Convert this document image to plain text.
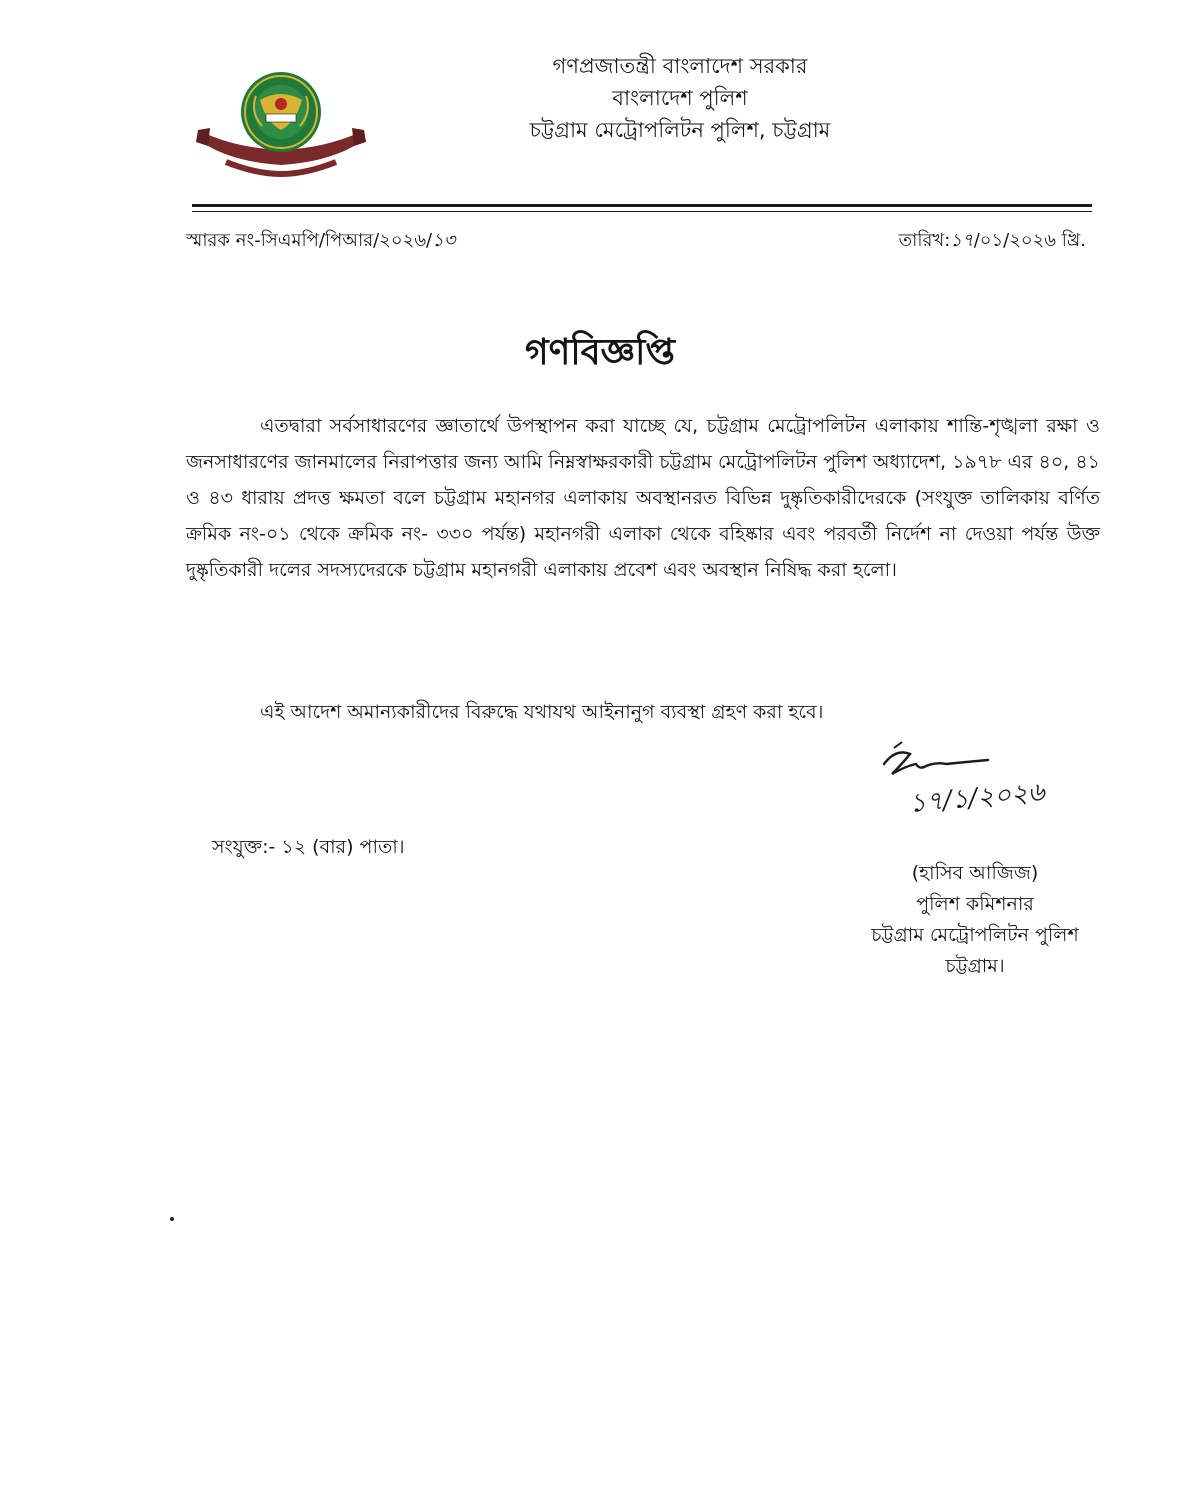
গণপ্রজাতন্ত্রী বাংলাদেশ সরকার

বাংলাদেশ পুলিশ

চট্টগ্রাম মেট্রোপলিটন পুলিশ, চট্টগ্রাম

স্মারক নং-সিএমপি/পিআর/২০২৬/১৩	তারিখ:১৭/০১/২০২৬ খ্রি.
গণবিজ্ঞপ্তি

এতদ্বারা সর্বসাধারণের জ্ঞাতার্থে উপস্থাপন করা যাচ্ছে যে, চট্টগ্রাম মেট্রোপলিটন এলাকায় শান্তি-শৃঙ্খলা রক্ষা ও জনসাধারণের জানমালের নিরাপত্তার জন্য আমি নিম্নস্বাক্ষরকারী চট্টগ্রাম মেট্রোপলিটন পুলিশ অধ্যাদেশ, ১৯৭৮ এর ৪০, ৪১ ও ৪৩ ধারায় প্রদত্ত ক্ষমতা বলে চট্টগ্রাম মহানগর এলাকায় অবস্থানরত বিভিন্ন দুষ্কৃতিকারীদেরকে (সংযুক্ত তালিকায় বর্ণিত ক্রমিক নং-০১ থেকে ক্রমিক নং- ৩৩০ পর্যন্ত) মহানগরী এলাকা থেকে বহিষ্কার এবং পরবর্তী নির্দেশ না দেওয়া পর্যন্ত উক্ত দুষ্কৃতিকারী দলের সদস্যদেরকে চট্টগ্রাম মহানগরী এলাকায় প্রবেশ এবং অবস্থান নিষিদ্ধ করা হলো।

এই আদেশ অমান্যকারীদের বিরুদ্ধে যথাযথ আইনানুগ ব্যবস্থা গ্রহণ করা হবে।

১৭/১/২০২৬
সংযুক্ত:- ১২ (বার) পাতা।

(হাসিব আজিজ)

পুলিশ কমিশনার

চট্টগ্রাম মেট্রোপলিটন পুলিশ

চট্টগ্রাম।
